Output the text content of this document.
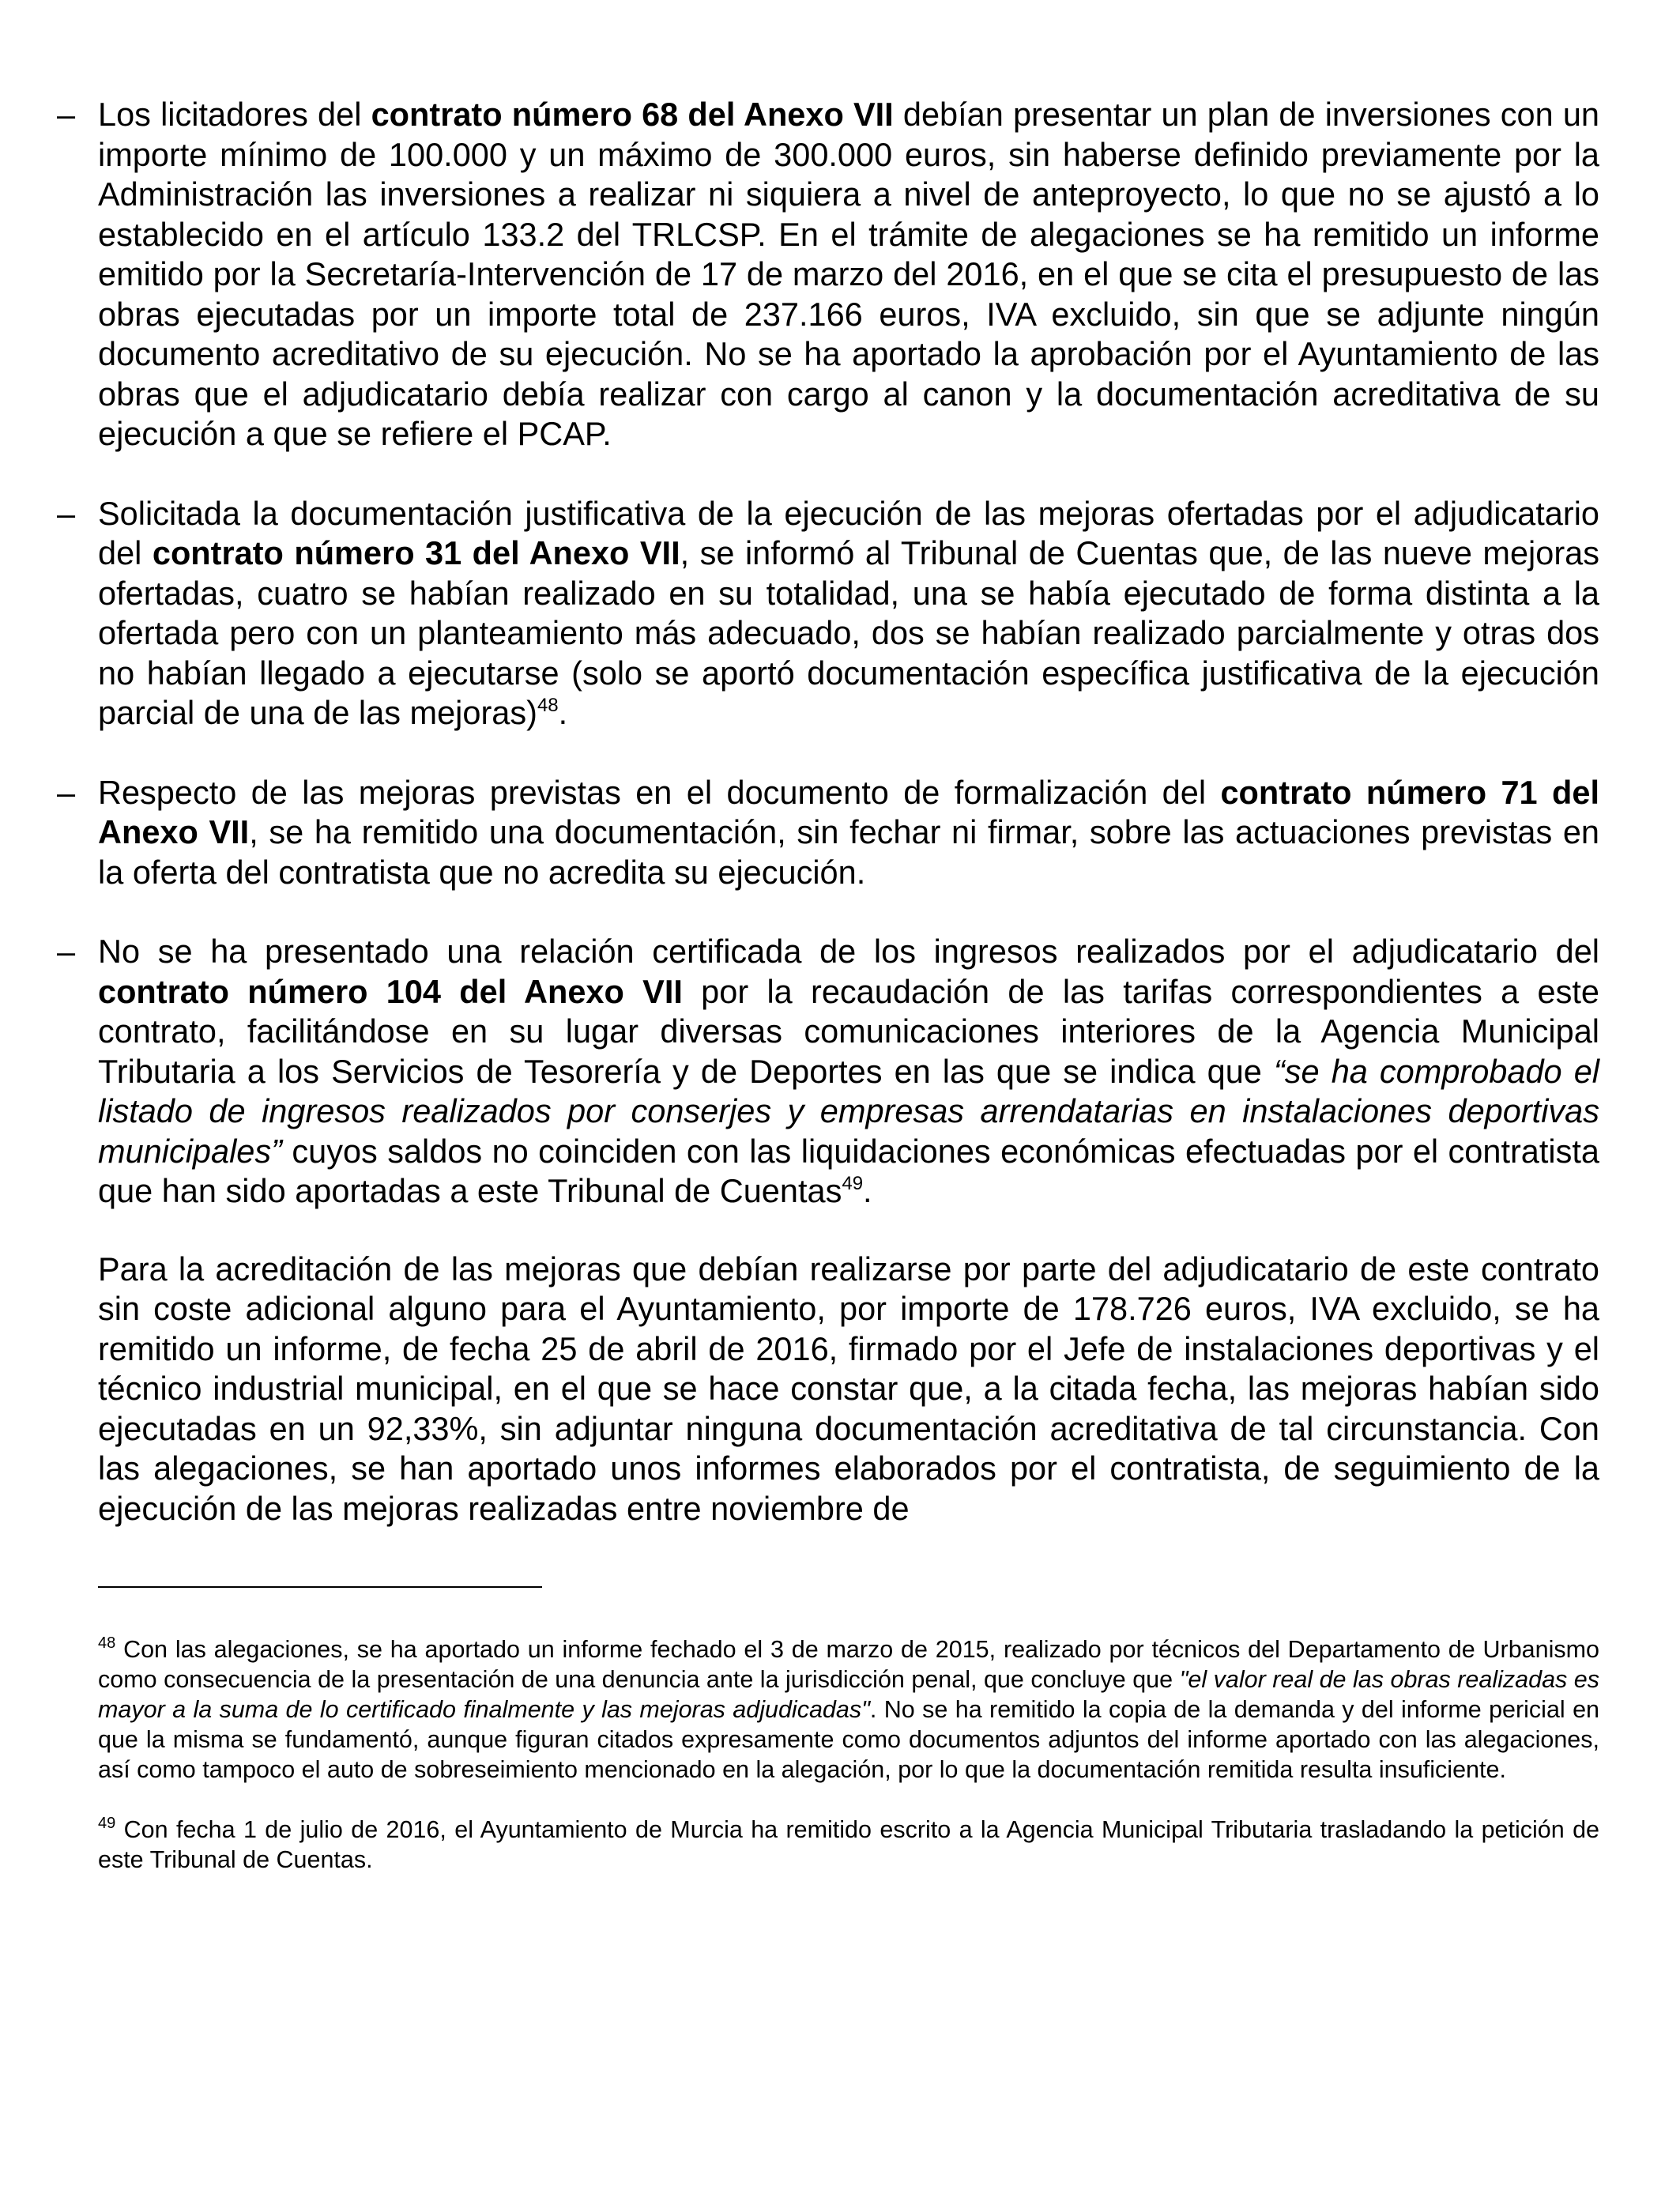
– Los licitadores del contrato número 68 del Anexo VII debían presentar un plan de inversiones con un importe mínimo de 100.000 y un máximo de 300.000 euros, sin haberse definido previamente por la Administración las inversiones a realizar ni siquiera a nivel de anteproyecto, lo que no se ajustó a lo establecido en el artículo 133.2 del TRLCSP. En el trámite de alegaciones se ha remitido un informe emitido por la Secretaría-Intervención de 17 de marzo del 2016, en el que se cita el presupuesto de las obras ejecutadas por un importe total de 237.166 euros, IVA excluido, sin que se adjunte ningún documento acreditativo de su ejecución. No se ha aportado la aprobación por el Ayuntamiento de las obras que el adjudicatario debía realizar con cargo al canon y la documentación acreditativa de su ejecución a que se refiere el PCAP.
– Solicitada la documentación justificativa de la ejecución de las mejoras ofertadas por el adjudicatario del contrato número 31 del Anexo VII, se informó al Tribunal de Cuentas que, de las nueve mejoras ofertadas, cuatro se habían realizado en su totalidad, una se había ejecutado de forma distinta a la ofertada pero con un planteamiento más adecuado, dos se habían realizado parcialmente y otras dos no habían llegado a ejecutarse (solo se aportó documentación específica justificativa de la ejecución parcial de una de las mejoras)$^{48}$.
– Respecto de las mejoras previstas en el documento de formalización del contrato número 71 del Anexo VII, se ha remitido una documentación, sin fechar ni firmar, sobre las actuaciones previstas en la oferta del contratista que no acredita su ejecución.
– No se ha presentado una relación certificada de los ingresos realizados por el adjudicatario del contrato número 104 del Anexo VII por la recaudación de las tarifas correspondientes a este contrato, facilitándose en su lugar diversas comunicaciones interiores de la Agencia Municipal Tributaria a los Servicios de Tesorería y de Deportes en las que se indica que “se ha comprobado el listado de ingresos realizados por conserjes y empresas arrendatarias en instalaciones deportivas municipales” cuyos saldos no coinciden con las liquidaciones económicas efectuadas por el contratista que han sido aportadas a este Tribunal de Cuentas$^{49}$.
Para la acreditación de las mejoras que debían realizarse por parte del adjudicatario de este contrato sin coste adicional alguno para el Ayuntamiento, por importe de 178.726 euros, IVA excluido, se ha remitido un informe, de fecha 25 de abril de 2016, firmado por el Jefe de instalaciones deportivas y el técnico industrial municipal, en el que se hace constar que, a la citada fecha, las mejoras habían sido ejecutadas en un 92,33%, sin adjuntar ninguna documentación acreditativa de tal circunstancia. Con las alegaciones, se han aportado unos informes elaborados por el contratista, de seguimiento de la ejecución de las mejoras realizadas entre noviembre de
$^{48}$ Con las alegaciones, se ha aportado un informe fechado el 3 de marzo de 2015, realizado por técnicos del Departamento de Urbanismo como consecuencia de la presentación de una denuncia ante la jurisdicción penal, que concluye que "el valor real de las obras realizadas es mayor a la suma de lo certificado finalmente y las mejoras adjudicadas". No se ha remitido la copia de la demanda y del informe pericial en que la misma se fundamentó, aunque figuran citados expresamente como documentos adjuntos del informe aportado con las alegaciones, así como tampoco el auto de sobreseimiento mencionado en la alegación, por lo que la documentación remitida resulta insuficiente.
$^{49}$ Con fecha 1 de julio de 2016, el Ayuntamiento de Murcia ha remitido escrito a la Agencia Municipal Tributaria trasladando la petición de este Tribunal de Cuentas.
